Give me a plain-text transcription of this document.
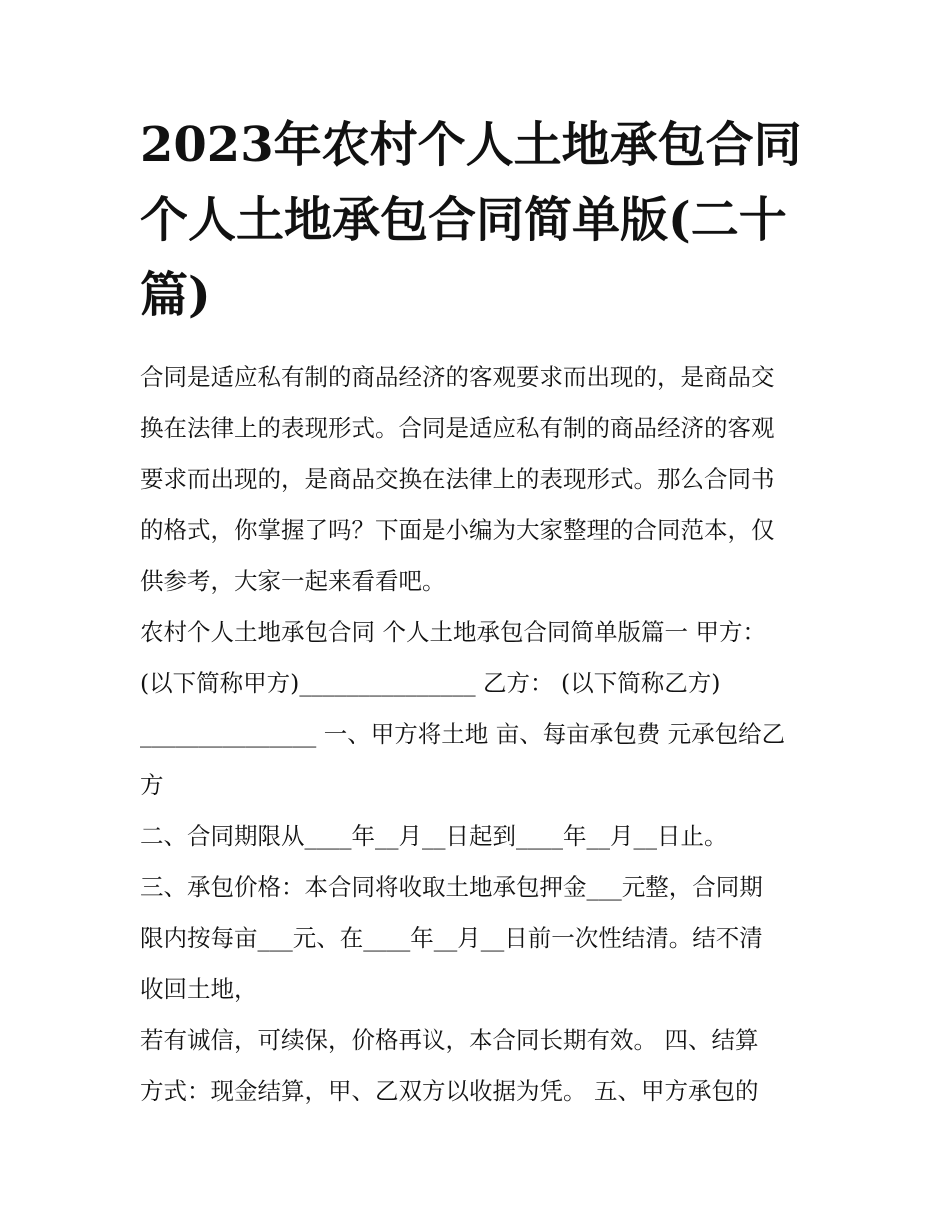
2023年农村个人土地承包合同
个人土地承包合同简单版(二十
篇)
合同是适应私有制的商品经济的客观要求而出现的，是商品交
换在法律上的表现形式。合同是适应私有制的商品经济的客观
要求而出现的，是商品交换在法律上的表现形式。那么合同书
的格式，你掌握了吗？下面是小编为大家整理的合同范本，仅
供参考，大家一起来看看吧。
农村个人土地承包合同 个人土地承包合同简单版篇一 甲方：
(以下简称甲方)_______________ 乙方： (以下简称乙方)
_______________ 一、甲方将土地 亩、每亩承包费 元承包给乙
方
二、合同期限从____年__月__日起到____年__月__日止。
三、承包价格：本合同将收取土地承包押金___元整，合同期
限内按每亩___元、在____年__月__日前一次性结清。结不清
收回土地，
若有诚信，可续保，价格再议，本合同长期有效。 四、结算
方式：现金结算，甲、乙双方以收据为凭。 五、甲方承包的
